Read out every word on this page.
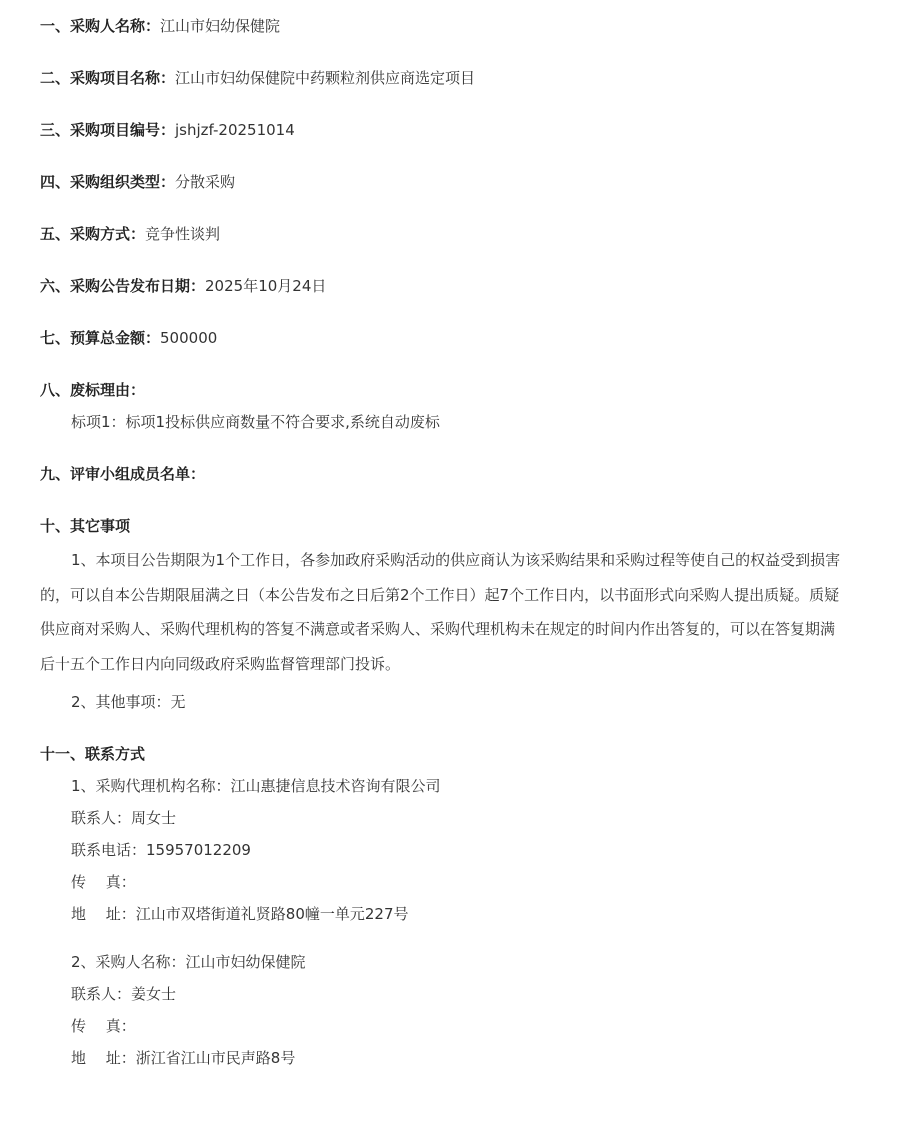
一、采购人名称：江山市妇幼保健院
二、采购项目名称：江山市妇幼保健院中药颗粒剂供应商选定项目
三、采购项目编号：jshjzf-20251014
四、采购组织类型：分散采购
五、采购方式：竞争性谈判
六、采购公告发布日期：2025年10月24日
七、预算总金额：500000
八、废标理由：
标项1：标项1投标供应商数量不符合要求,系统自动废标
九、评审小组成员名单：
十、其它事项

1、本项目公告期限为1个工作日，各参加政府采购活动的供应商认为该采购结果和采购过程等使自己的权益受到损害的，可以自本公告期限届满之日（本公告发布之日后第2个工作日）起7个工作日内，以书面形式向采购人提出质疑。质疑供应商对采购人、采购代理机构的答复不满意或者采购人、采购代理机构未在规定的时间内作出答复的，可以在答复期满后十五个工作日内向同级政府采购监督管理部门投诉。

2、其他事项：无
十一、联系方式
1、采购代理机构名称：江山惠捷信息技术咨询有限公司
联系人：周女士
联系电话：15957012209
传　 真：
地　 址：江山市双塔街道礼贤路80幢一单元227号
2、采购人名称：江山市妇幼保健院
联系人：姜女士
传　 真：
地　 址：浙江省江山市民声路8号
